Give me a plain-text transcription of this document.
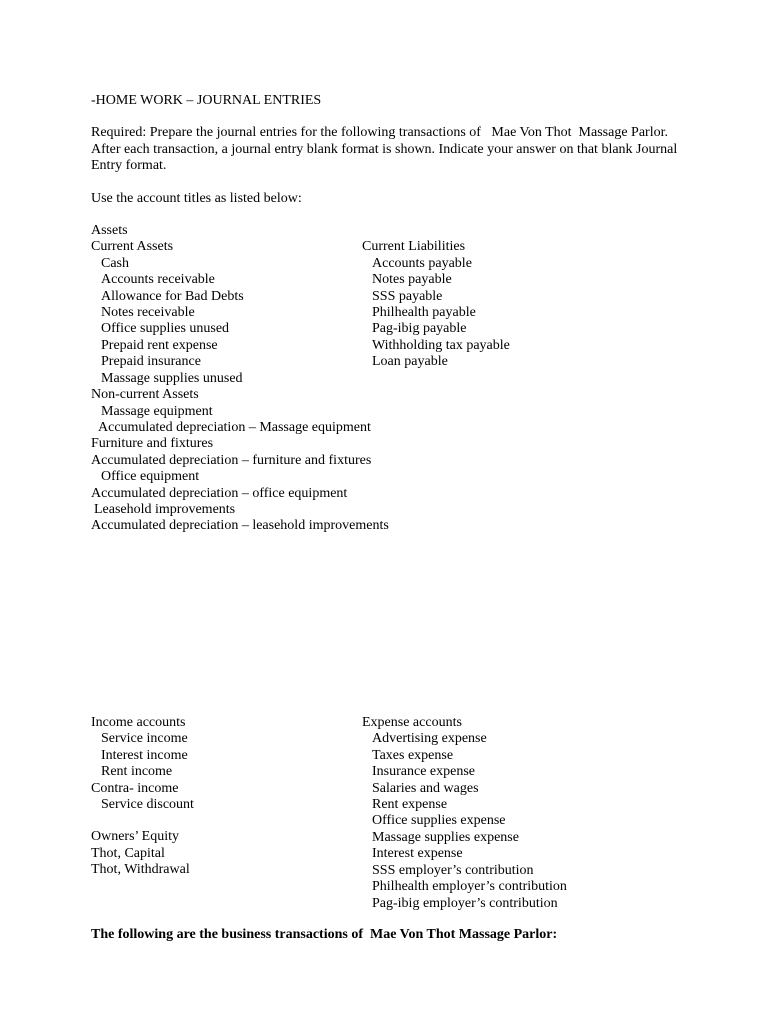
-HOME WORK – JOURNAL ENTRIES
Required: Prepare the journal entries for the following transactions of   Mae Von Thot  Massage Parlor.
After each transaction, a journal entry blank format is shown. Indicate your answer on that blank Journal
Entry format.
Use the account titles as listed below:
Assets
Current Assets
Cash
Accounts receivable
Allowance for Bad Debts
Notes receivable
Office supplies unused
Prepaid rent expense
Prepaid insurance
Massage supplies unused
Non-current Assets
Massage equipment
Accumulated depreciation – Massage equipment
Furniture and fixtures
Accumulated depreciation – furniture and fixtures
Office equipment
Accumulated depreciation – office equipment
Leasehold improvements
Accumulated depreciation – leasehold improvements
Current Liabilities
Accounts payable
Notes payable
SSS payable
Philhealth payable
Pag-ibig payable
Withholding tax payable
Loan payable
Income accounts
Service income
Interest income
Rent income
Contra- income
Service discount
Owners’ Equity
Thot, Capital
Thot, Withdrawal
Expense accounts
Advertising expense
Taxes expense
Insurance expense
Salaries and wages
Rent expense
Office supplies expense
Massage supplies expense
Interest expense
SSS employer’s contribution
Philhealth employer’s contribution
Pag-ibig employer’s contribution
The following are the business transactions of  Mae Von Thot Massage Parlor:
